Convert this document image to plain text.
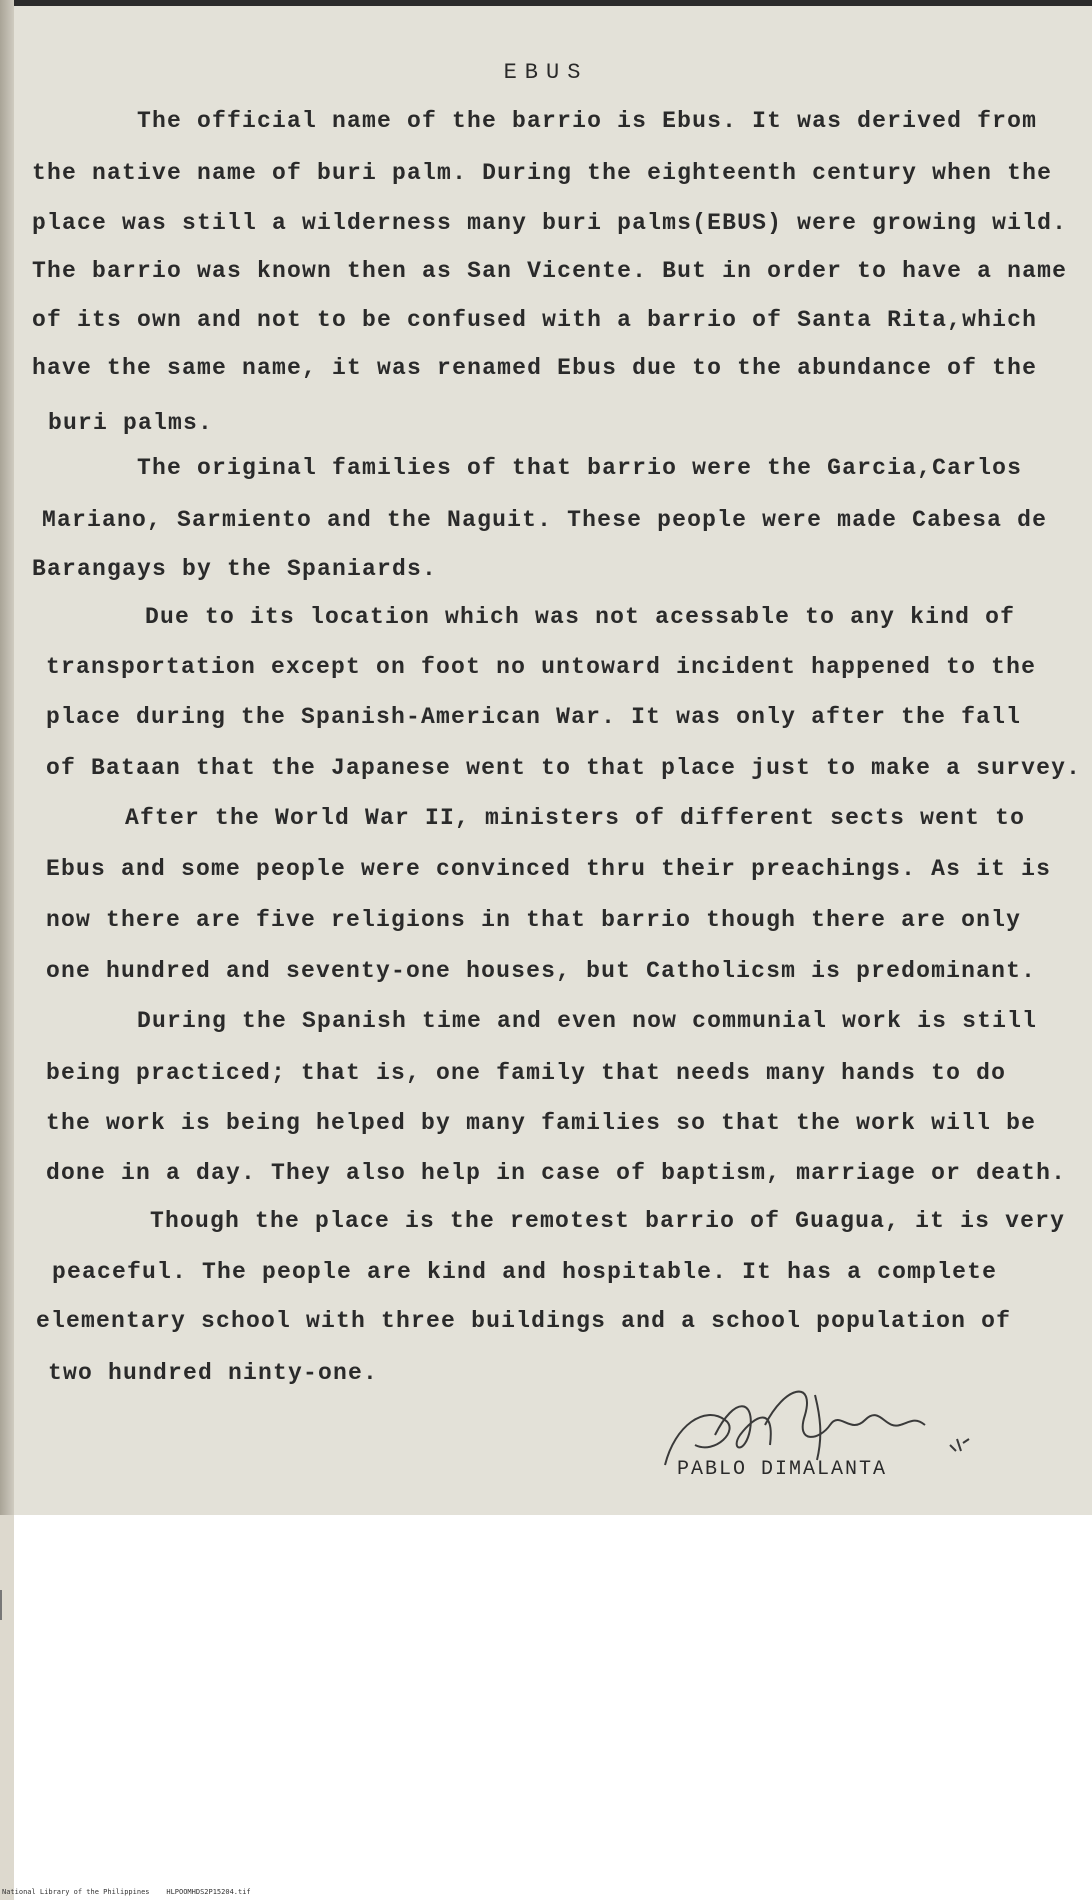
EBUS
The official name of the barrio is Ebus. It was derived from
the native name of buri palm. During the eighteenth century when the
place was still a wilderness many buri palms(EBUS) were growing wild.
The barrio was known then as San Vicente. But in order to have a name
of its own and not to be confused with a barrio of Santa Rita,which
have the same name, it was renamed Ebus due to the abundance of the
buri palms.
The original families of that barrio were the Garcia,Carlos
Mariano, Sarmiento and the Naguit. These people were made Cabesa de
Barangays by the Spaniards.
Due to its location which was not acessable to any kind of
transportation except on foot no untoward incident happened to the
place during the Spanish-American War. It was only after the fall
of Bataan that the Japanese went to that place just to make a survey.
After the World War II, ministers of different sects went to
Ebus and some people were convinced thru their preachings. As it is
now there are five religions in that barrio though there are only
one hundred and seventy-one houses, but Catholicsm is predominant.
During the Spanish time and even now communial work is still
being practiced; that is, one family that needs many hands to do
the work is being helped by many families so that the work will be
done in a day. They also help in case of baptism, marriage or death.
Though the place is the remotest barrio of Guagua, it is very
peaceful. The people are kind and hospitable. It has a complete
elementary school with three buildings and a school population of
two hundred ninty-one.
PABLO DIMALANTA
National Library of the Philippines    HLPOOMHDS2P15204.tif
